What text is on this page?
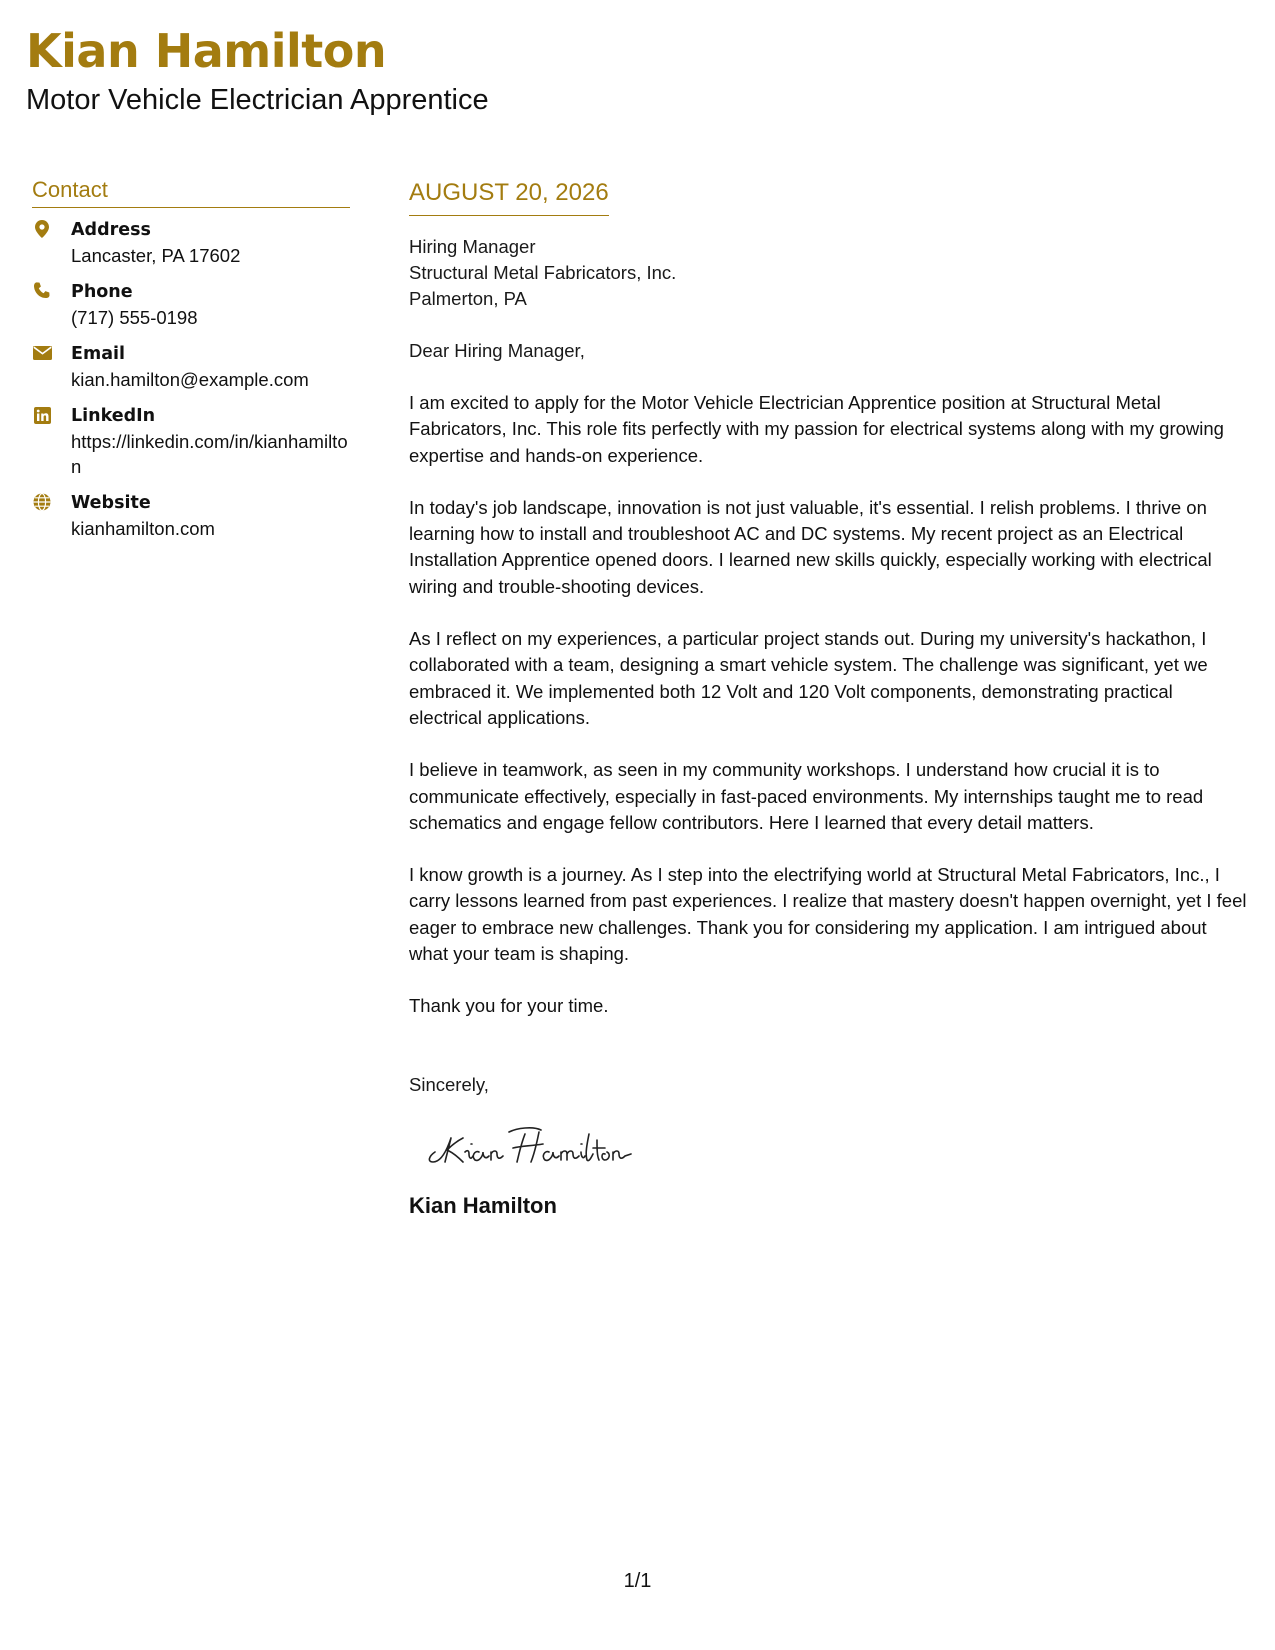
Kian Hamilton
Motor Vehicle Electrician Apprentice
Contact
Address
Lancaster, PA 17602
Phone
(717) 555-0198
Email
kian.hamilton@example.com
LinkedIn
https://linkedin.com/in/kianhamilton
Website
kianhamilton.com
AUGUST 20, 2026
Hiring Manager
Structural Metal Fabricators, Inc.
Palmerton, PA
Dear Hiring Manager,
I am excited to apply for the Motor Vehicle Electrician Apprentice position at Structural Metal Fabricators, Inc. This role fits perfectly with my passion for electrical systems along with my growing expertise and hands-on experience.
In today's job landscape, innovation is not just valuable, it's essential. I relish problems. I thrive on learning how to install and troubleshoot AC and DC systems. My recent project as an Electrical Installation Apprentice opened doors. I learned new skills quickly, especially working with electrical wiring and trouble-shooting devices.
As I reflect on my experiences, a particular project stands out. During my university's hackathon, I collaborated with a team, designing a smart vehicle system. The challenge was significant, yet we embraced it. We implemented both 12 Volt and 120 Volt components, demonstrating practical electrical applications.
I believe in teamwork, as seen in my community workshops. I understand how crucial it is to communicate effectively, especially in fast-paced environments. My internships taught me to read schematics and engage fellow contributors. Here I learned that every detail matters.
I know growth is a journey. As I step into the electrifying world at Structural Metal Fabricators, Inc., I carry lessons learned from past experiences. I realize that mastery doesn't happen overnight, yet I feel eager to embrace new challenges. Thank you for considering my application. I am intrigued about what your team is shaping.
Thank you for your time.
Sincerely,
Kian Hamilton
1/1
